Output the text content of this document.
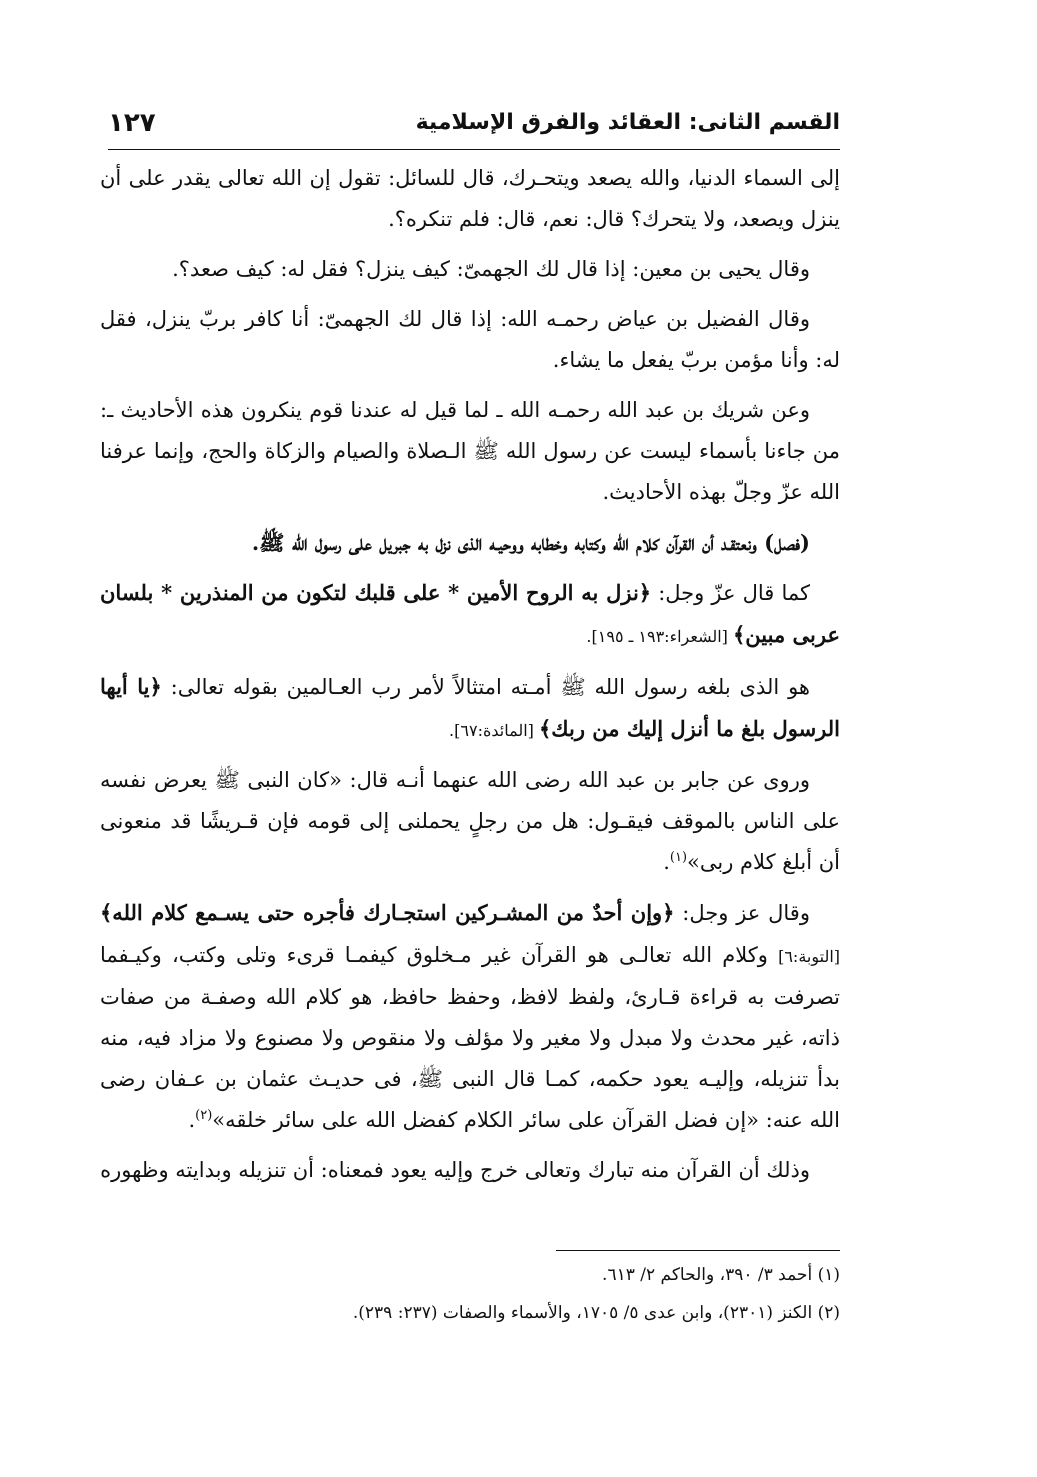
القسم الثانى: العقائد والفرق الإسلامية
١٢٧

إلى السماء الدنيا، والله يصعد ويتحـرك، قال للسائل: تقول إن الله تعالى يقدر على أن ينزل ويصعد، ولا يتحرك؟ قال: نعم، قال: فلم تنكره؟.

وقال يحيى بن معين: إذا قال لك الجهمىّ: كيف ينزل؟ فقل له: كيف صعد؟.

وقال الفضيل بن عياض رحمـه الله: إذا قال لك الجهمىّ: أنا كافر بربّ ينزل، فقل له: وأنا مؤمن بربّ يفعل ما يشاء.

وعن شريك بن عبد الله رحمـه الله ـ لما قيل له عندنا قوم ينكرون هذه الأحاديث ـ: من جاءنا بأسماء ليست عن رسول الله ﷺ الـصلاة والصيام والزكاة والحج، وإنما عرفنا الله عزّ وجلّ بهذه الأحاديث.

(فصل) ونعتقـد أن القرآن كلام الله وكتابه وخطابه ووحيـه الذى نزل به جبريل على رسول الله ﷺ.

كما قال عزّ وجل: ﴿نزل به الروح الأمين * على قلبك لتكون من المنذرين * بلسان عربى مبين﴾ [الشعراء:١٩٣ ـ ١٩٥].

هو الذى بلغه رسول الله ﷺ أمـته امتثالاً لأمر رب العـالمين بقوله تعالى: ﴿يا أيها الرسول بلغ ما أنزل إليك من ربك﴾ [المائدة:٦٧].

وروى عن جابر بن عبد الله رضى الله عنهما أنـه قال: «كان النبى ﷺ يعرض نفسه على الناس بالموقف فيقـول: هل من رجلٍ يحملنى إلى قومه فإن قـريشًا قد منعونى أن أبلغ كلام ربى»$^{(١)}$.

وقال عز وجل: ﴿وإن أحدٌ من المشـركين استجـارك فأجره حتى يسـمع كلام الله﴾ [التوبة:٦] وكلام الله تعالـى هو القرآن غير مـخلوق كيفمـا قرىء وتلى وكتب، وكيـفما تصرفت به قراءة قـارئ، ولفظ لافظ، وحفظ حافظ، هو كلام الله وصفـة من صفات ذاته، غير محدث ولا مبدل ولا مغير ولا مؤلف ولا منقوص ولا مصنوع ولا مزاد فيه، منه بدأ تنزيله، وإليـه يعود حكمه، كمـا قال النبى ﷺ، فى حديـث عثمان بن عـفان رضى الله عنه: «إن فضل القرآن على سائر الكلام كفضل الله على سائر خلقه»$^{(٢)}$.

وذلك أن القرآن منه تبارك وتعالى خرج وإليه يعود فمعناه: أن تنزيله وبدايته وظهوره

(١) أحمد ٣/ ٣٩٠، والحاكم ٢/ ٦١٣.

(٢) الكنز (٢٣٠١)، وابن عدى ٥/ ١٧٠٥، والأسماء والصفات (٢٣٧: ٢٣٩).
